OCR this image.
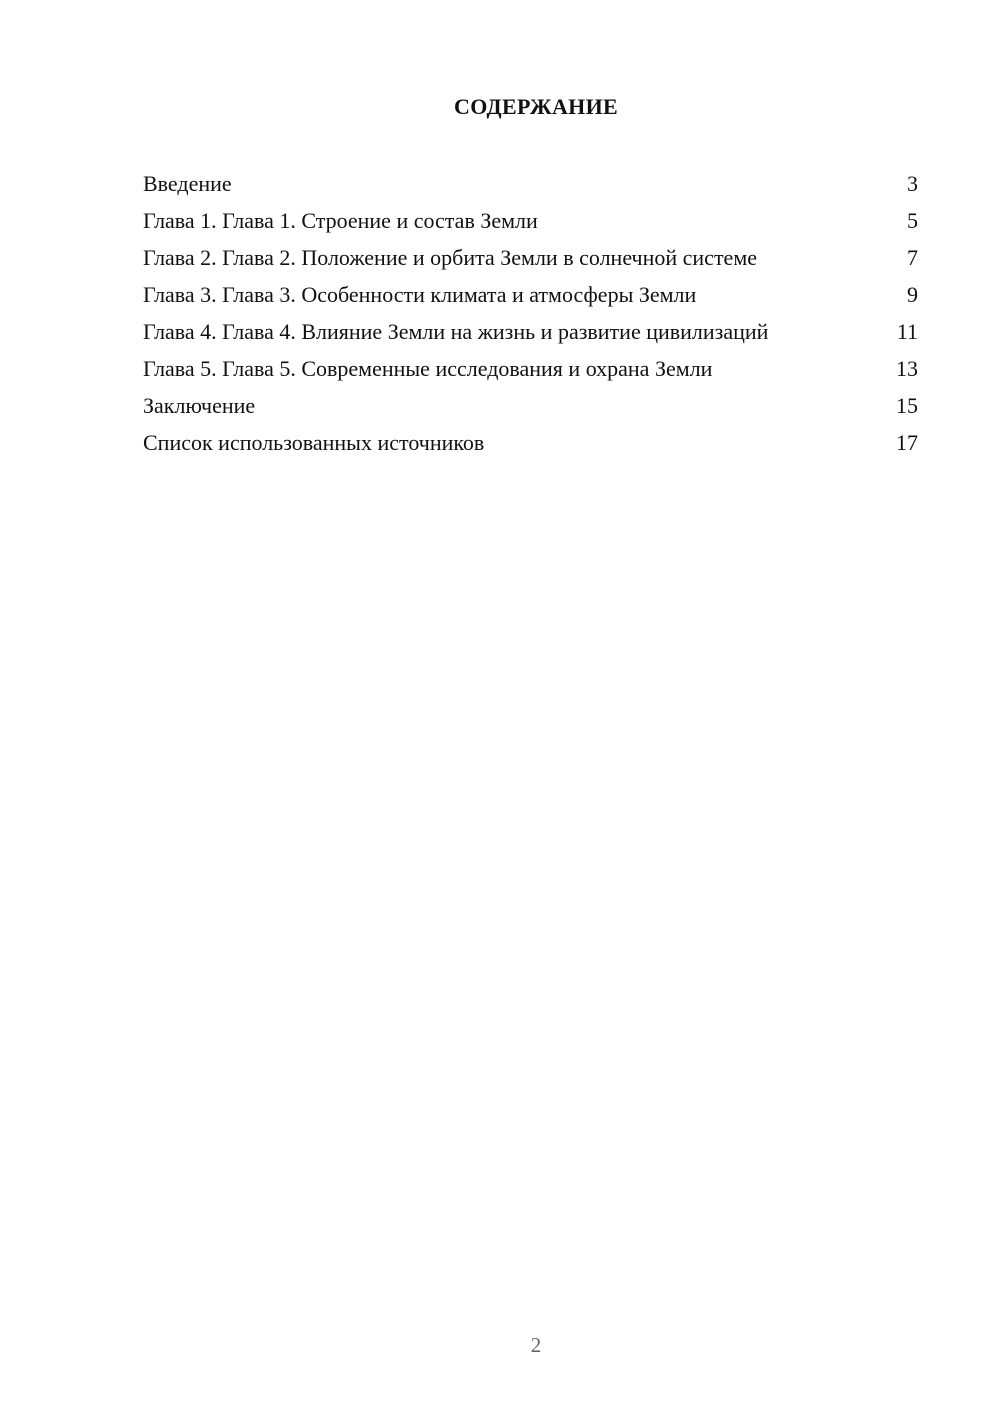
СОДЕРЖАНИЕ
Введение	3
Глава 1. Глава 1. Строение и состав Земли	5
Глава 2. Глава 2. Положение и орбита Земли в солнечной системе	7
Глава 3. Глава 3. Особенности климата и атмосферы Земли	9
Глава 4. Глава 4. Влияние Земли на жизнь и развитие цивилизаций	11
Глава 5. Глава 5. Современные исследования и охрана Земли	13
Заключение	15
Список использованных источников	17
2
